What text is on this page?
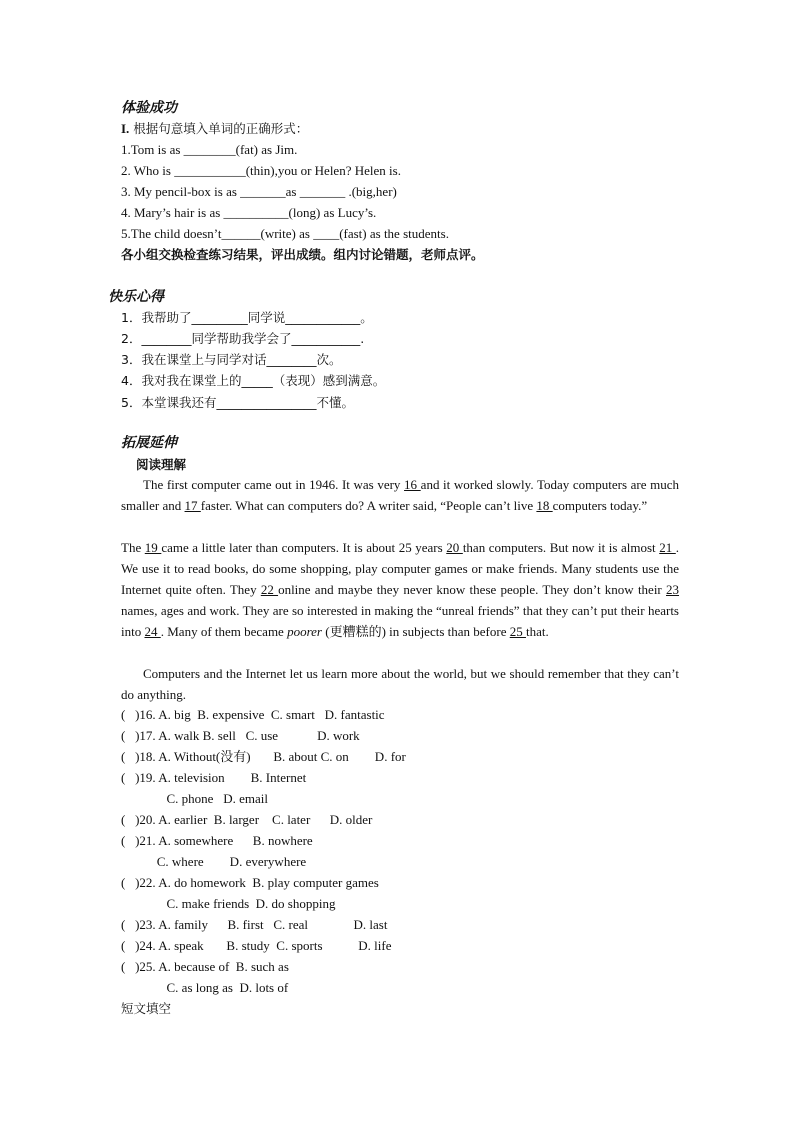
体验成功
I. 根据句意填入单词的正确形式：
1.Tom is as ________(fat) as Jim.
2. Who is ___________(thin),you or Helen? Helen is.
3. My pencil-box is as _______as _______ .(big,her)
4. Mary’s hair is as __________(long) as Lucy’s.
5.The child doesn’t______(write) as ____(fast) as the students.
各小组交换检查练习结果，评出成绩。组内讨论错题，老师点评。
快乐心得
1．我帮助了_________同学说____________。
2．________同学帮助我学会了___________.
3．我在课堂上与同学对话________次。
4．我对我在课堂上的_____（表现）感到满意。
5．本堂课我还有________________不懂。
拓展延伸
阅读理解
The first computer came out in 1946. It was very 16 and it worked slowly. Today computers are much smaller and 17 faster. What can computers do? A writer said, “People can’t live 18 computers today.”
The 19 came a little later than computers. It is about 25 years 20 than computers. But now it is almost 21 . We use it to read books, do some shopping, play computer games or make friends. Many students use the Internet quite often. They 22 online and maybe they never know these people. They don’t know their 23 names, ages and work. They are so interested in making the “unreal friends” that they can’t put their hearts into 24 . Many of them became poorer (更糟糕的) in subjects than before 25 that.
Computers and the Internet let us learn more about the world, but we should remember that they can’t do anything.
(   )16. A. big  B. expensive  C. smart   D. fantastic
(   )17. A. walk B. sell   C. use            D. work
(   )18. A. Without(没有)       B. about C. on        D. for
(   )19. A. television        B. Internet
C. phone   D. email
(   )20. A. earlier  B. larger    C. later      D. older
(   )21. A. somewhere      B. nowhere
C. where        D. everywhere
(   )22. A. do homework  B. play computer games
C. make friends  D. do shopping
(   )23. A. family      B. first   C. real              D. last
(   )24. A. speak       B. study  C. sports           D. life
(   )25. A. because of  B. such as
C. as long as  D. lots of
短文填空
